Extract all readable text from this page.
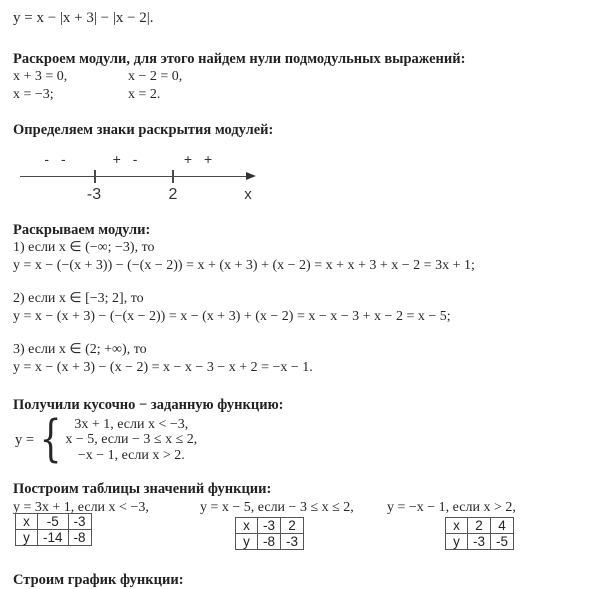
y = x − |x + 3| − |x − 2|.
Раскроем модули, для этого найдем нули подмодульных выражений:
x + 3 = 0,	x − 2 = 0,
x = −3;	x = 2.
Определяем знаки раскрытия модулей:
- -	+ -	+ +
-3	2	x
Раскрываем модули:
1) если x ∈ (−∞; −3), то
y = x − (−(x + 3)) − (−(x − 2)) = x + (x + 3) + (x − 2) = x + x + 3 + x − 2 = 3x + 1;
2) если x ∈ [−3; 2], то
y = x − (x + 3) − (−(x − 2)) = x − (x + 3) + (x − 2) = x − x − 3 + x − 2 = x − 5;
3) если x ∈ (2; +∞), то
y = x − (x + 3) − (x − 2) = x − x − 3 − x + 2 = −x − 1.
Получили кусочно − заданную функцию:
y = { 3x + 1, если x < −3,
x − 5, если − 3 ≤ x ≤ 2,
−x − 1, если x > 2.
Построим таблицы значений функции:
y = 3x + 1, если x < −3,	y = x − 5, если − 3 ≤ x ≤ 2, y = −x − 1, если x > 2,
x	-5	-3
y	-14	-8
x	-3	2
y	-8	-3
x	2	4
y	-3	-5
Строим график функции:
